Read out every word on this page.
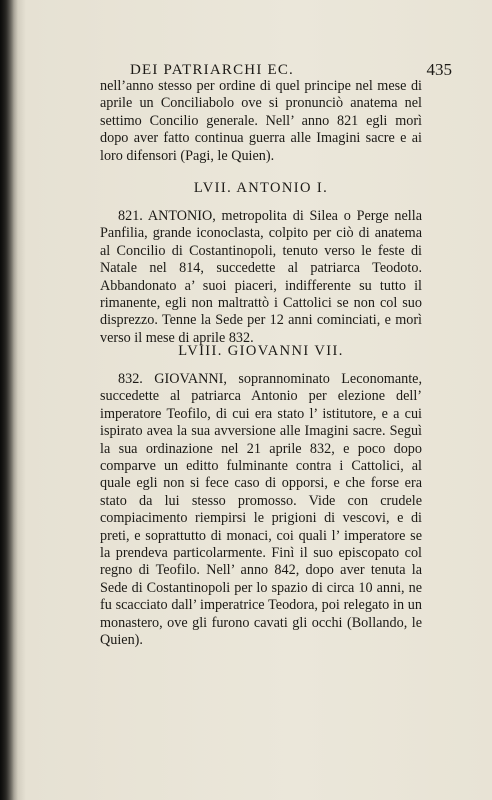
DEI PATRIARCHI EC.	435

nell’anno stesso per ordine di quel principe nel mese di aprile un Conciliabolo ove si pronunciò anatema nel settimo Concilio generale. Nell’ anno 821 egli morì dopo aver fatto continua guerra alle Imagini sacre e ai loro difensori (Pagi, le Quien).

LVII. ANTONIO I.

821. ANTONIO, metropolita di Silea o Perge nella Panfilia, grande iconoclasta, colpito per ciò di anatema al Concilio di Costantinopoli, tenuto verso le feste di Natale nel 814, succedette al patriarca Teodoto. Abbandonato a’ suoi piaceri, indifferente su tutto il rimanente, egli non maltrattò i Cattolici se non col suo disprezzo. Tenne la Sede per 12 anni cominciati, e morì verso il mese di aprile 832.

LVIII. GIOVANNI VII.

832. GIOVANNI, soprannominato Leconomante, succedette al patriarca Antonio per elezione dell’ imperatore Teofilo, di cui era stato l’ istitutore, e a cui ispirato avea la sua avversione alle Imagini sacre. Seguì la sua ordinazione nel 21 aprile 832, e poco dopo comparve un editto fulminante contra i Cattolici, al quale egli non si fece caso di opporsi, e che forse era stato da lui stesso promosso. Vide con crudele compiacimento riempirsi le prigioni di vescovi, e di preti, e soprattutto di monaci, coi quali l’ imperatore se la prendeva particolarmente. Finì il suo episcopato col regno di Teofilo. Nell’ anno 842, dopo aver tenuta la Sede di Costantinopoli per lo spazio di circa 10 anni, ne fu scacciato dall’ imperatrice Teodora, poi relegato in un monastero, ove gli furono cavati gli occhi (Bollando, le Quien).
